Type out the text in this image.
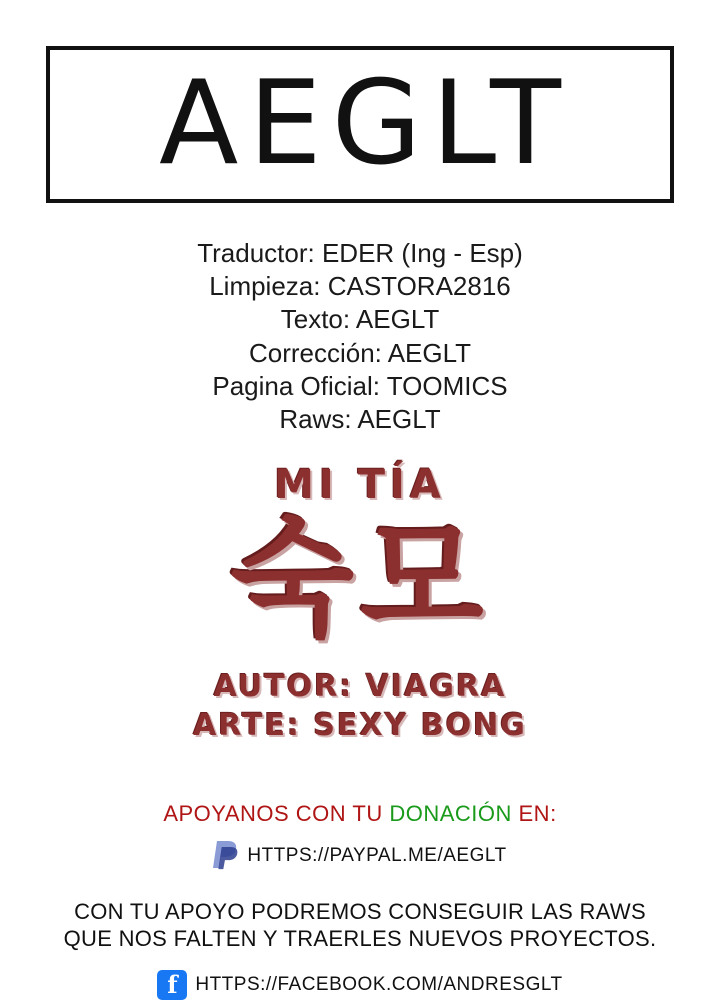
AEGLT
Traductor: EDER (Ing - Esp)
Limpieza: CASTORA2816
Texto: AEGLT
Corrección: AEGLT
Pagina Oficial: TOOMICS
Raws: AEGLT
MI TÍA
숙모
AUTOR: VIAGRA
ARTE: SEXY BONG
APOYANOS CON TU DONACIÓN EN:
HTTPS://PAYPAL.ME/AEGLT
CON TU APOYO PODREMOS CONSEGUIR LAS RAWS
QUE NOS FALTEN Y TRAERLES NUEVOS PROYECTOS.
f HTTPS://FACEBOOK.COM/ANDRESGLT
